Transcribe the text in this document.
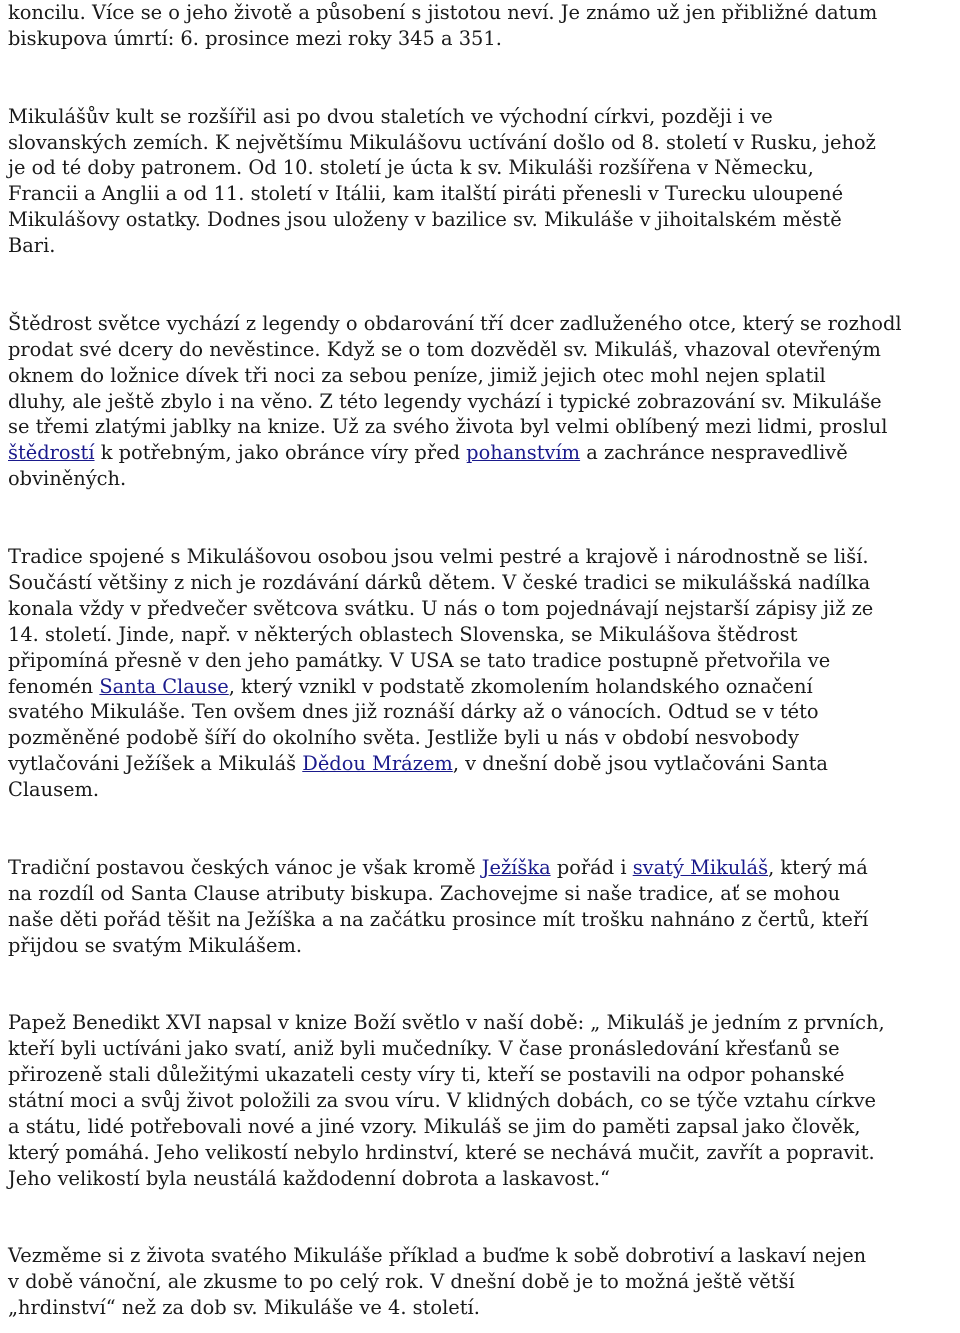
koncilu. Více se o jeho životě a působení s jistotou neví. Je známo už jen přibližné datum
biskupova úmrtí: 6. prosince mezi roky 345 a 351.

Mikulášův kult se rozšířil asi po dvou staletích ve východní církvi, později i ve
slovanských zemích. K největšímu Mikulášovu uctívání došlo od 8. století v Rusku, jehož
je od té doby patronem. Od 10. století je úcta k sv. Mikuláši rozšířena v Německu,
Francii a Anglii a od 11. století v Itálii, kam italští piráti přenesli v Turecku uloupené
Mikulášovy ostatky. Dodnes jsou uloženy v bazilice sv. Mikuláše v jihoitalském městě
Bari.

Štědrost světce vychází z legendy o obdarování tří dcer zadluženého otce, který se rozhodl
prodat své dcery do nevěstince. Když se o tom dozvěděl sv. Mikuláš, vhazoval otevřeným
oknem do ložnice dívek tři noci za sebou peníze, jimiž jejich otec mohl nejen splatil
dluhy, ale ještě zbylo i na věno. Z této legendy vychází i typické zobrazování sv. Mikuláše
se třemi zlatými jablky na knize. Už za svého života byl velmi oblíbený mezi lidmi, proslul
štědrostí k potřebným, jako obránce víry před pohanstvím a zachránce nespravedlivě
obviněných.

Tradice spojené s Mikulášovou osobou jsou velmi pestré a krajově i národnostně se liší.
Součástí většiny z nich je rozdávání dárků dětem. V české tradici se mikulášská nadílka
konala vždy v předvečer světcova svátku. U nás o tom pojednávají nejstarší zápisy již ze
14. století. Jinde, např. v některých oblastech Slovenska, se Mikulášova štědrost
připomíná přesně v den jeho památky. V USA se tato tradice postupně přetvořila ve
fenomén Santa Clause, který vznikl v podstatě zkomolením holandského označení
svatého Mikuláše. Ten ovšem dnes již roznáší dárky až o vánocích. Odtud se v této
pozměněné podobě šíří do okolního světa. Jestliže byli u nás v období nesvobody
vytlačováni Ježíšek a Mikuláš Dědou Mrázem, v dnešní době jsou vytlačováni Santa
Clausem.

Tradiční postavou českých vánoc je však kromě Ježíška pořád i svatý Mikuláš, který má
na rozdíl od Santa Clause atributy biskupa. Zachovejme si naše tradice, ať se mohou
naše děti pořád těšit na Ježíška a na začátku prosince mít trošku nahnáno z čertů, kteří
přijdou se svatým Mikulášem.

Papež Benedikt XVI napsal v knize Boží světlo v naší době: „ Mikuláš je jedním z prvních,
kteří byli uctíváni jako svatí, aniž byli mučedníky. V čase pronásledování křesťanů se
přirozeně stali důležitými ukazateli cesty víry ti, kteří se postavili na odpor pohanské
státní moci a svůj život položili za svou víru. V klidných dobách, co se týče vztahu církve
a státu, lidé potřebovali nové a jiné vzory. Mikuláš se jim do paměti zapsal jako člověk,
který pomáhá. Jeho velikostí nebylo hrdinství, které se nechává mučit, zavřít a popravit.
Jeho velikostí byla neustálá každodenní dobrota a laskavost.“

Vezměme si z života svatého Mikuláše příklad a buďme k sobě dobrotiví a laskaví nejen
v době vánoční, ale zkusme to po celý rok. V dnešní době je to možná ještě větší
„hrdinství“ než za dob sv. Mikuláše ve 4. století.
